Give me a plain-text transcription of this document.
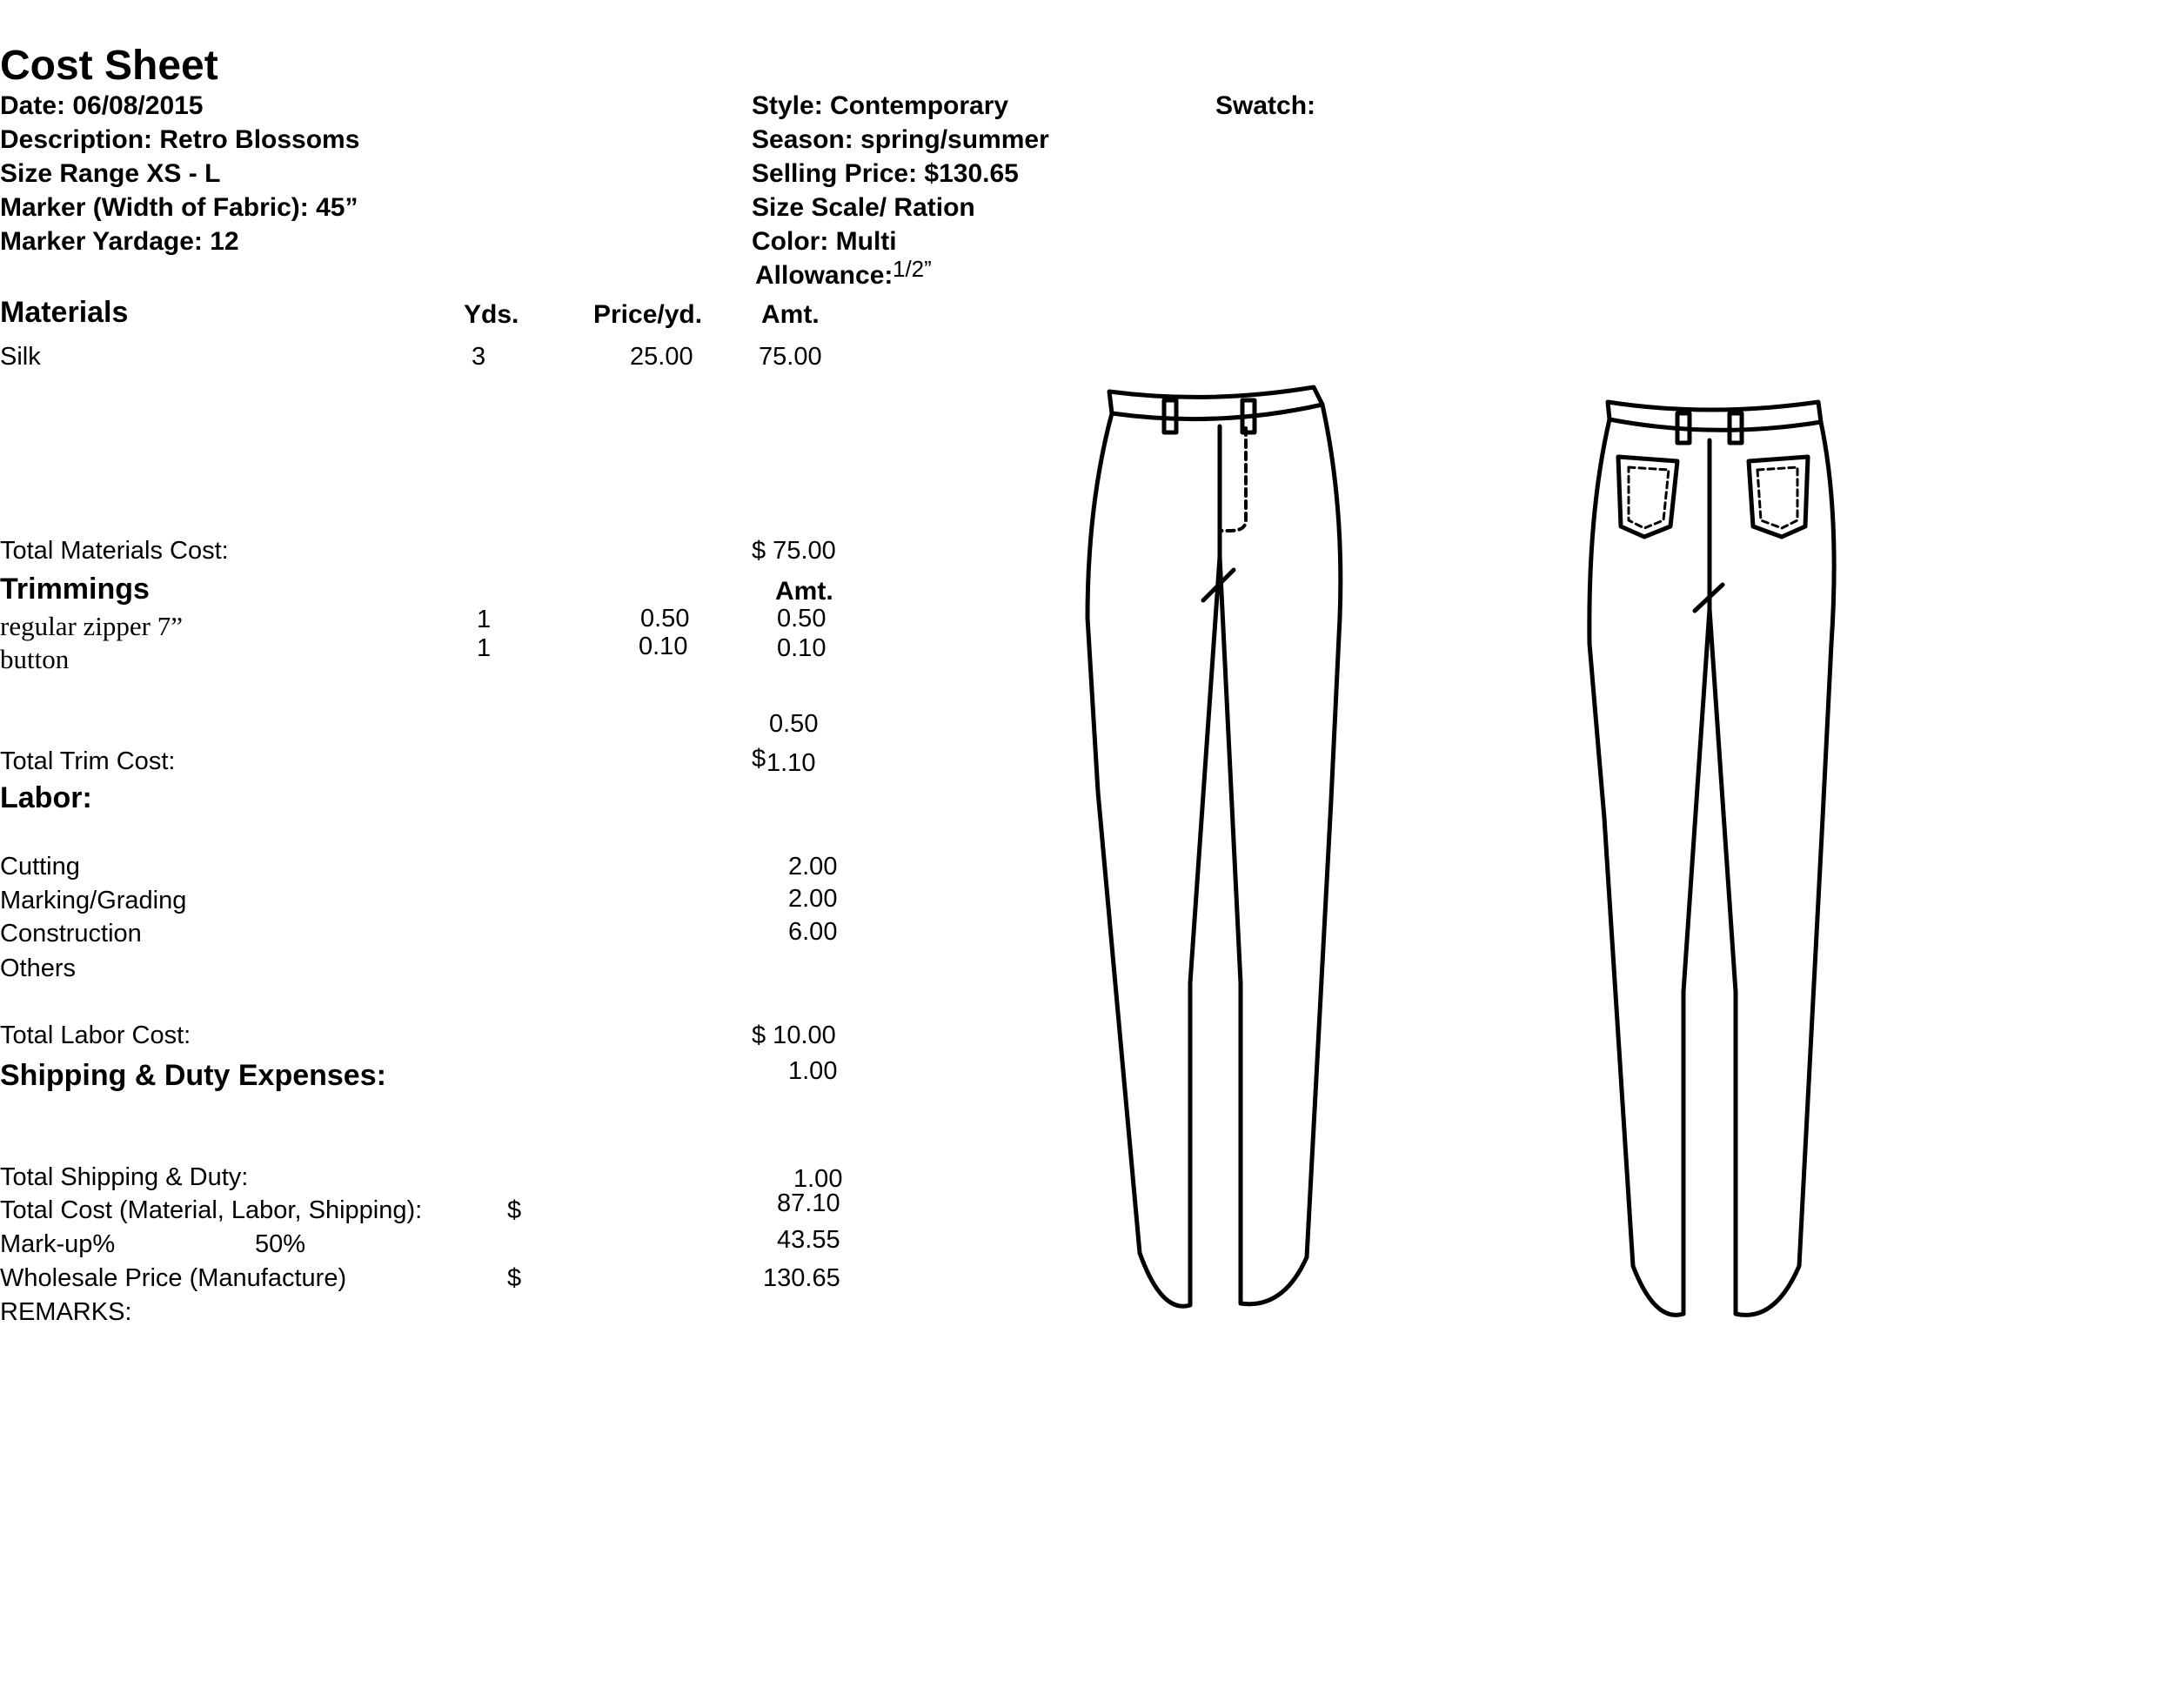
Cost Sheet
Date: 06/08/2015
Description: Retro Blossoms
Size Range XS - L
Marker (Width of Fabric): 45”
Marker Yardage: 12
Style: Contemporary
Season: spring/summer
Selling Price: $130.65
Size Scale/ Ration
Color: Multi
Allowance: 1/2”
Swatch:
Materials	Yds.	Price/yd. Amt.
Silk	3	25.00	75.00
Total Materials Cost:	$ 75.00
Trimmings	Amt.
regular zipper 7”	1	0.50	0.50
button	1	0.10	0.10
0.50
Total Trim Cost:	$ 1.10
Labor:
Cutting	2.00
Marking/Grading	2.00
Construction	6.00
Others
Total Labor Cost:	$ 10.00
Shipping & Duty Expenses:	1.00
Total Shipping & Duty:	1.00
Total Cost (Material, Labor, Shipping):	$	87.10
Mark-up%	50%	43.55
Wholesale Price (Manufacture)	$	130.65
REMARKS:
